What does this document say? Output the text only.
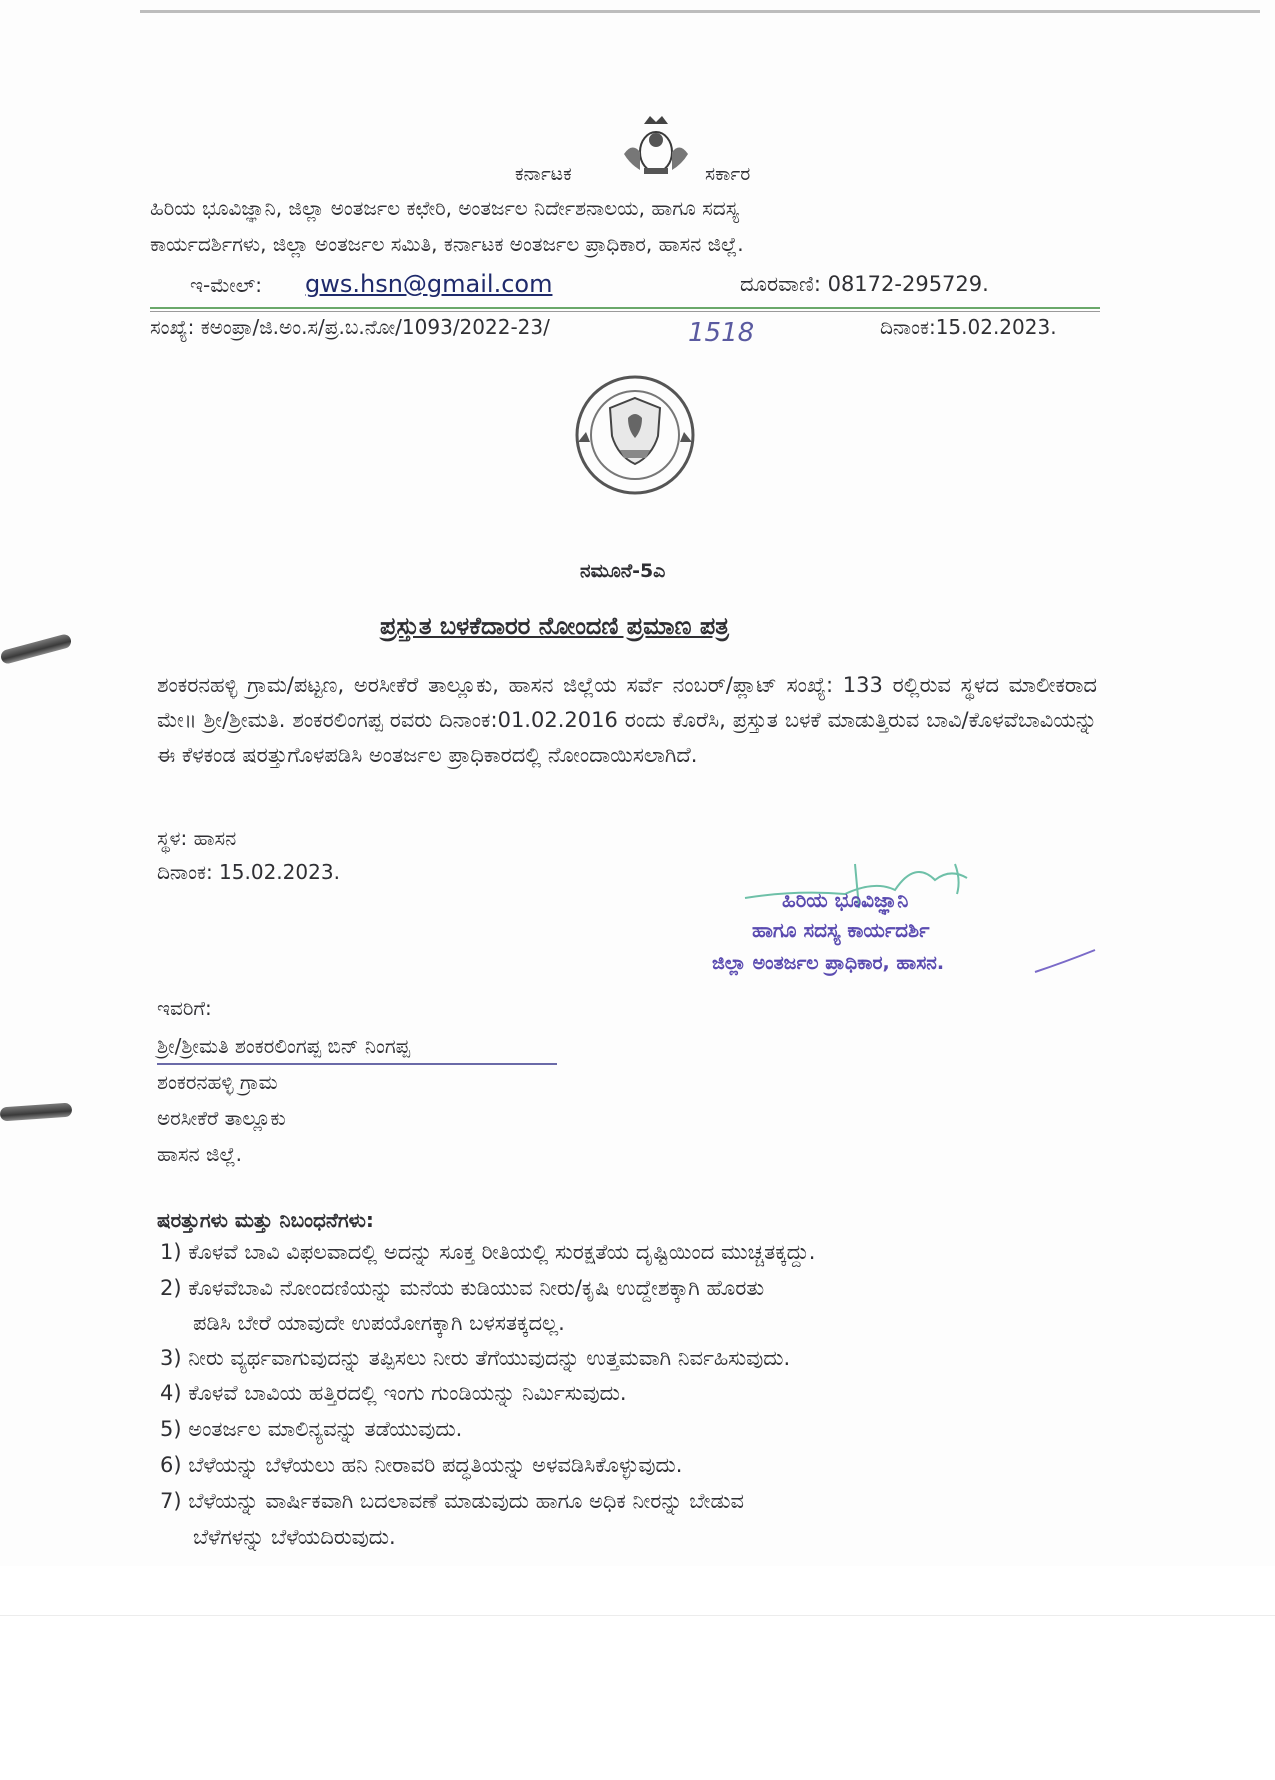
ಕರ್ನಾಟಕ	ಸರ್ಕಾರ
ಹಿರಿಯ ಭೂವಿಜ್ಞಾನಿ, ಜಿಲ್ಲಾ ಅಂತರ್ಜಲ ಕಛೇರಿ, ಅಂತರ್ಜಲ ನಿರ್ದೇಶನಾಲಯ, ಹಾಗೂ ಸದಸ್ಯ
ಕಾರ್ಯದರ್ಶಿಗಳು, ಜಿಲ್ಲಾ ಅಂತರ್ಜಲ ಸಮಿತಿ, ಕರ್ನಾಟಕ ಅಂತರ್ಜಲ ಪ್ರಾಧಿಕಾರ, ಹಾಸನ ಜಿಲ್ಲೆ.
ಇ-ಮೇಲ್: gws.hsn@gmail.com	ದೂರವಾಣಿ: 08172-295729.
ಸಂಖ್ಯೆ: ಕಅಂಪ್ರಾ/ಜಿ.ಅಂ.ಸ/ಪ್ರ.ಬ.ನೋ/1093/2022-23/	1518	ದಿನಾಂಕ:15.02.2023.
ನಮೂನೆ-5ಎ
ಪ್ರಸ್ತುತ ಬಳಕೆದಾರರ ನೋಂದಣಿ ಪ್ರಮಾಣ ಪತ್ರ
ಶಂಕರನಹಳ್ಳಿ ಗ್ರಾಮ/ಪಟ್ಟಣ, ಅರಸೀಕೆರೆ ತಾಲ್ಲೂಕು, ಹಾಸನ ಜಿಲ್ಲೆಯ ಸರ್ವೆ ನಂಬರ್/ಪ್ಲಾಟ್ ಸಂಖ್ಯೆ: 133 ರಲ್ಲಿರುವ ಸ್ಥಳದ ಮಾಲೀಕರಾದ ಮೇ॥ ಶ್ರೀ/ಶ್ರೀಮತಿ. ಶಂಕರಲಿಂಗಪ್ಪ ರವರು ದಿನಾಂಕ:01.02.2016 ರಂದು ಕೊರೆಸಿ, ಪ್ರಸ್ತುತ ಬಳಕೆ ಮಾಡುತ್ತಿರುವ ಬಾವಿ/ಕೊಳವೆಬಾವಿಯನ್ನು ಈ ಕೆಳಕಂಡ ಷರತ್ತುಗೊಳಪಡಿಸಿ ಅಂತರ್ಜಲ ಪ್ರಾಧಿಕಾರದಲ್ಲಿ ನೋಂದಾಯಿಸಲಾಗಿದೆ.
ಸ್ಥಳ: ಹಾಸನ
ದಿನಾಂಕ: 15.02.2023.
ಹಿರಿಯ ಭೂವಿಜ್ಞಾನಿ
ಹಾಗೂ ಸದಸ್ಯ ಕಾರ್ಯದರ್ಶಿ
ಜಿಲ್ಲಾ ಅಂತರ್ಜಲ ಪ್ರಾಧಿಕಾರ, ಹಾಸನ.
ಇವರಿಗೆ:
ಶ್ರೀ/ಶ್ರೀಮತಿ ಶಂಕರಲಿಂಗಪ್ಪ ಬಿನ್ ನಿಂಗಪ್ಪ
ಶಂಕರನಹಳ್ಳಿ ಗ್ರಾಮ
ಅರಸೀಕೆರೆ ತಾಲ್ಲೂಕು
ಹಾಸನ ಜಿಲ್ಲೆ.
ಷರತ್ತುಗಳು ಮತ್ತು ನಿಬಂಧನೆಗಳು:
1) ಕೊಳವೆ ಬಾವಿ ವಿಫಲವಾದಲ್ಲಿ ಅದನ್ನು ಸೂಕ್ತ ರೀತಿಯಲ್ಲಿ ಸುರಕ್ಷತೆಯ ದೃಷ್ಟಿಯಿಂದ ಮುಚ್ಚತಕ್ಕದ್ದು.
2) ಕೊಳವೆಬಾವಿ ನೋಂದಣಿಯನ್ನು ಮನೆಯ ಕುಡಿಯುವ ನೀರು/ಕೃಷಿ ಉದ್ದೇಶಕ್ಕಾಗಿ ಹೊರತು
ಪಡಿಸಿ ಬೇರೆ ಯಾವುದೇ ಉಪಯೋಗಕ್ಕಾಗಿ ಬಳಸತಕ್ಕದಲ್ಲ.
3) ನೀರು ವ್ಯರ್ಥವಾಗುವುದನ್ನು ತಪ್ಪಿಸಲು ನೀರು ತೆಗೆಯುವುದನ್ನು ಉತ್ತಮವಾಗಿ ನಿರ್ವಹಿಸುವುದು.
4) ಕೊಳವೆ ಬಾವಿಯ ಹತ್ತಿರದಲ್ಲಿ ಇಂಗು ಗುಂಡಿಯನ್ನು ನಿರ್ಮಿಸುವುದು.
5) ಅಂತರ್ಜಲ ಮಾಲಿನ್ಯವನ್ನು ತಡೆಯುವುದು.
6) ಬೆಳೆಯನ್ನು ಬೆಳೆಯಲು ಹನಿ ನೀರಾವರಿ ಪದ್ಧತಿಯನ್ನು ಅಳವಡಿಸಿಕೊಳ್ಳುವುದು.
7) ಬೆಳೆಯನ್ನು ವಾರ್ಷಿಕವಾಗಿ ಬದಲಾವಣೆ ಮಾಡುವುದು ಹಾಗೂ ಅಧಿಕ ನೀರನ್ನು ಬೇಡುವ
ಬೆಳೆಗಳನ್ನು ಬೆಳೆಯದಿರುವುದು.
